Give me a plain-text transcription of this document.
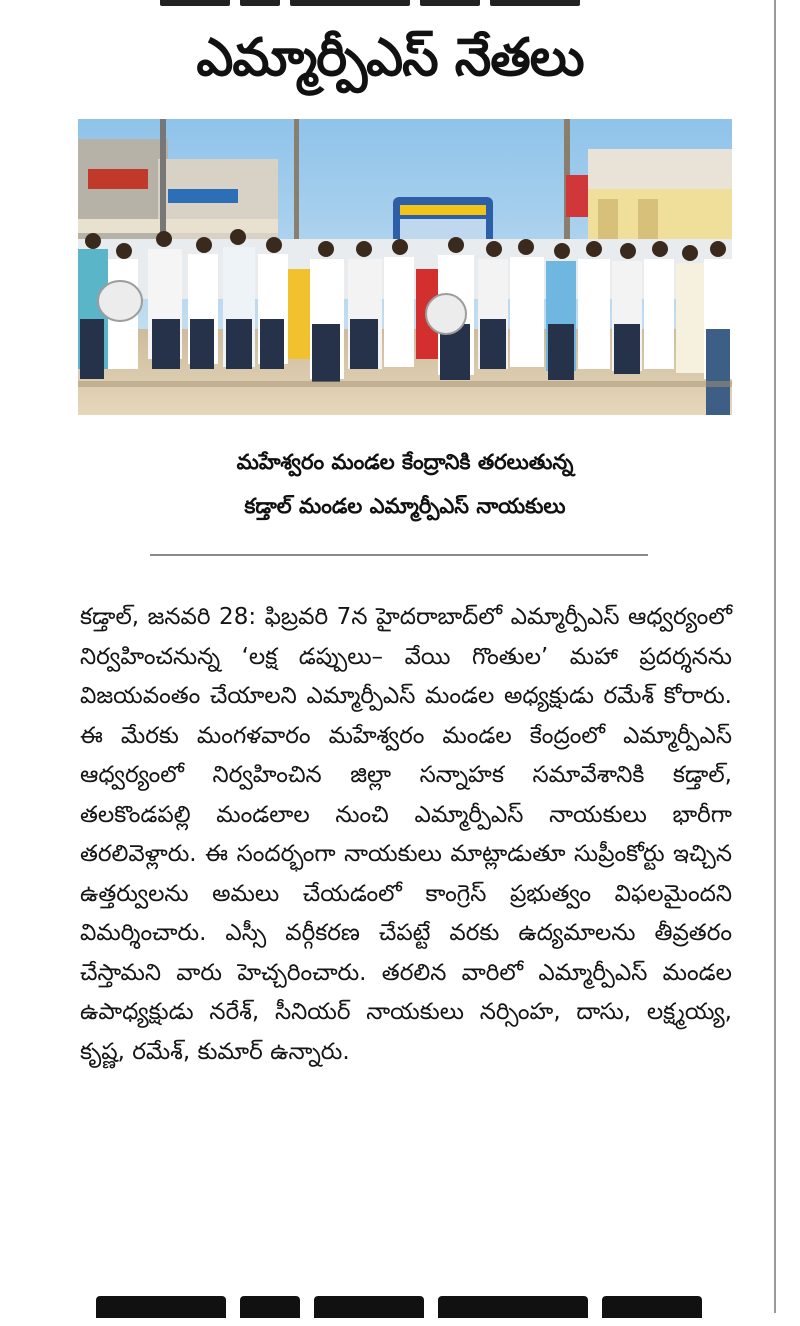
ఎమ్మార్పీఎస్ నేతలు
మహేశ్వరం మండల కేంద్రానికి తరలుతున్న
కడ్తాల్ మండల ఎమ్మార్పీఎస్ నాయకులు
కడ్తాల్, జనవరి 28: ఫిబ్రవరి 7న హైదరాబాద్‌లో ఎమ్మార్పీఎస్ ఆధ్వర్యంలో నిర్వహించనున్న ‘లక్ష డప్పులు– వేయి గొంతుల’ మహా ప్రదర్శనను విజయవంతం చేయాలని ఎమ్మార్పీఎస్ మండల అధ్యక్షుడు రమేశ్ కోరారు. ఈ మేరకు మంగళవారం మహేశ్వరం మండల కేంద్రంలో ఎమ్మార్పీఎస్ ఆధ్వర్యంలో నిర్వహించిన జిల్లా సన్నాహక సమావేశానికి కడ్తాల్, తలకొండపల్లి మండలాల నుంచి ఎమ్మార్పీఎస్ నాయకులు భారీగా తరలివెళ్లారు. ఈ సందర్భంగా నాయకులు మాట్లాడుతూ సుప్రీంకోర్టు ఇచ్చిన ఉత్తర్వులను అమలు చేయడంలో కాంగ్రెస్ ప్రభుత్వం విఫలమైందని విమర్శించారు. ఎస్సీ వర్గీకరణ చేపట్టే వరకు ఉద్యమాలను తీవ్రతరం చేస్తామని వారు హెచ్చరించారు. తరలిన వారిలో ఎమ్మార్పీఎస్ మండల ఉపాధ్యక్షుడు నరేశ్, సీనియర్ నాయకులు నర్సింహ, దాసు, లక్ష్మయ్య, కృష్ణ, రమేశ్, కుమార్ ఉన్నారు.
